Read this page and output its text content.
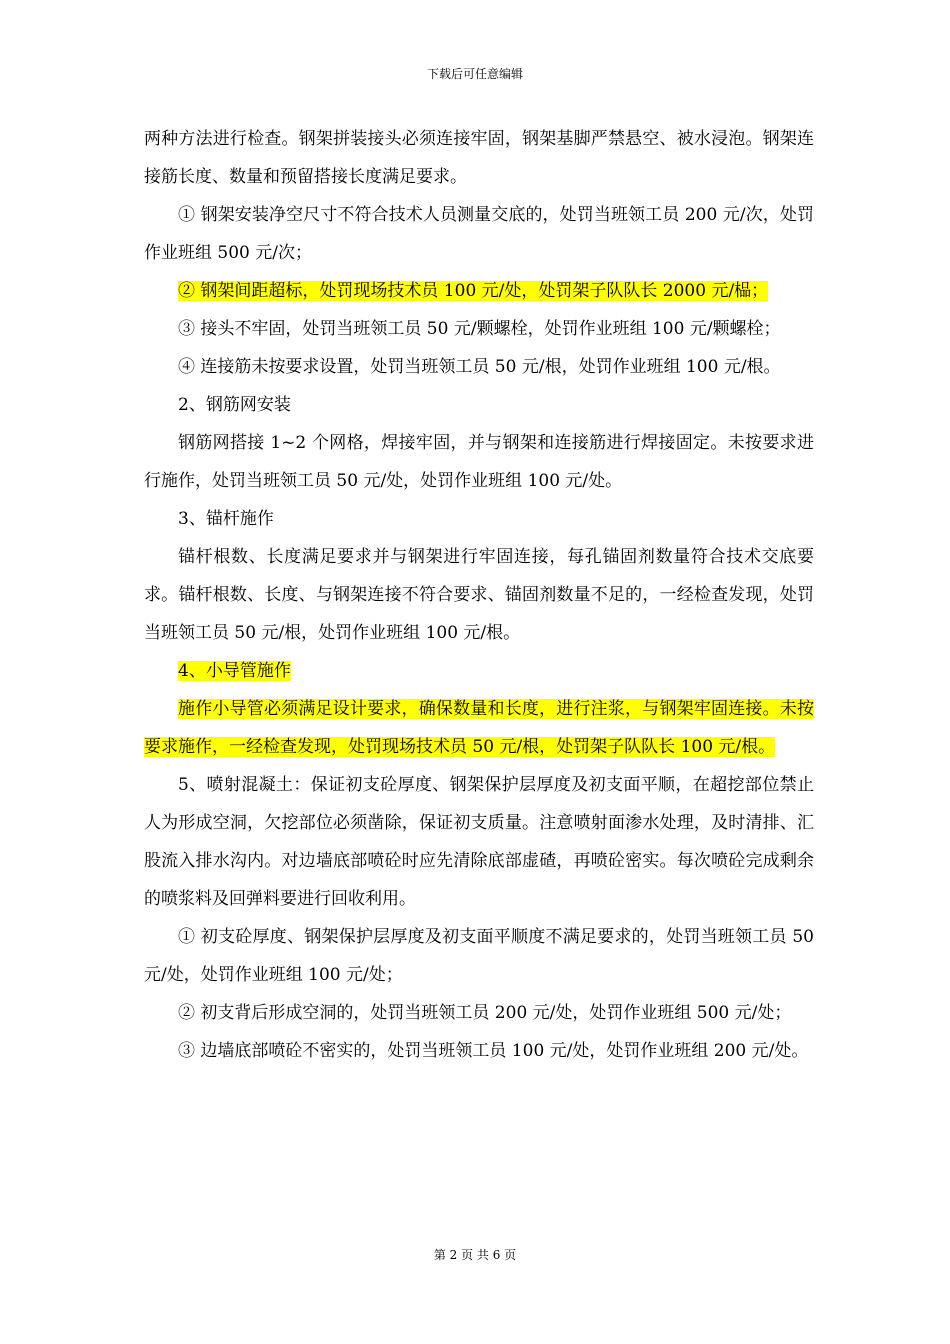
下载后可任意编辑

两种方法进行检查。钢架拼装接头必须连接牢固，钢架基脚严禁悬空、被水浸泡。钢架连接筋长度、数量和预留搭接长度满足要求。

① 钢架安装净空尺寸不符合技术人员测量交底的，处罚当班领工员 200 元/次，处罚作业班组 500 元/次；

② 钢架间距超标，处罚现场技术员 100 元/处，处罚架子队队长 2000 元/榀；

③ 接头不牢固，处罚当班领工员 50 元/颗螺栓，处罚作业班组 100 元/颗螺栓；

④ 连接筋未按要求设置，处罚当班领工员 50 元/根，处罚作业班组 100 元/根。

2、钢筋网安装

钢筋网搭接 1~2 个网格，焊接牢固，并与钢架和连接筋进行焊接固定。未按要求进行施作，处罚当班领工员 50 元/处，处罚作业班组 100 元/处。

3、锚杆施作

锚杆根数、长度满足要求并与钢架进行牢固连接，每孔锚固剂数量符合技术交底要求。锚杆根数、长度、与钢架连接不符合要求、锚固剂数量不足的，一经检查发现，处罚当班领工员 50 元/根，处罚作业班组 100 元/根。

4、小导管施作

施作小导管必须满足设计要求，确保数量和长度，进行注浆，与钢架牢固连接。未按要求施作，一经检查发现，处罚现场技术员 50 元/根，处罚架子队队长 100 元/根。

5、喷射混凝土：保证初支砼厚度、钢架保护层厚度及初支面平顺，在超挖部位禁止人为形成空洞，欠挖部位必须凿除，保证初支质量。注意喷射面渗水处理，及时清排、汇股流入排水沟内。对边墙底部喷砼时应先清除底部虚碴，再喷砼密实。每次喷砼完成剩余的喷浆料及回弹料要进行回收利用。

① 初支砼厚度、钢架保护层厚度及初支面平顺度不满足要求的，处罚当班领工员 50 元/处，处罚作业班组 100 元/处；

② 初支背后形成空洞的，处罚当班领工员 200 元/处，处罚作业班组 500 元/处；

③ 边墙底部喷砼不密实的，处罚当班领工员 100 元/处，处罚作业班组 200 元/处。

第 2 页 共 6 页
